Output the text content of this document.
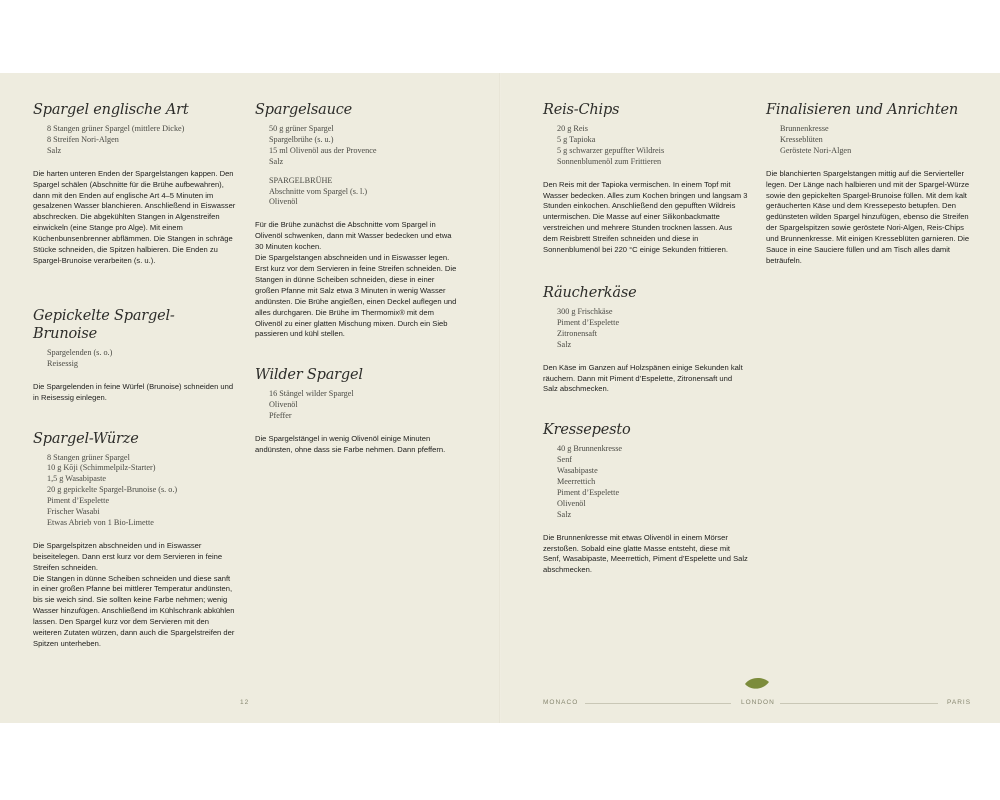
Spargel englische Art
8 Stangen grüner Spargel (mittlere Dicke)
8 Streifen Nori-Algen
Salz
Die harten unteren Enden der Spargelstangen kappen. Den Spargel schälen (Abschnitte für die Brühe aufbewahren), dann mit den Enden auf englische Art 4–5 Minuten im gesalzenen Wasser blanchieren. Anschließend in Eiswasser abschrecken. Die abgekühlten Stangen in Algenstreifen einwickeln (eine Stange pro Alge). Mit einem Küchenbunsenbrenner abflämmen. Die Stangen in schräge Stücke schneiden, die Spitzen halbieren. Die Enden zu Spargel-Brunoise verarbeiten (s. u.).
Gepickelte Spargel-Brunoise
Spargelenden (s. o.)
Reisessig
Die Spargelenden in feine Würfel (Brunoise) schneiden und in Reisessig einlegen.
Spargel-Würze
8 Stangen grüner Spargel
10 g Kōji (Schimmelpilz-Starter)
1,5 g Wasabipaste
20 g gepickelte Spargel-Brunoise (s. o.)
Piment d’Espelette
Frischer Wasabi
Etwas Abrieb von 1 Bio-Limette
Die Spargelspitzen abschneiden und in Eiswasser beiseitelegen. Dann erst kurz vor dem Servieren in feine Streifen schneiden.
Die Stangen in dünne Scheiben schneiden und diese sanft in einer großen Pfanne bei mittlerer Temperatur andünsten, bis sie weich sind. Sie sollten keine Farbe nehmen; wenig Wasser hinzufügen. Anschließend im Kühlschrank abkühlen lassen. Den Spargel kurz vor dem Servieren mit den weiteren Zutaten würzen, dann auch die Spargelstreifen der Spitzen unterheben.
Spargelsauce
50 g grüner Spargel
Spargelbrühe (s. u.)
15 ml Olivenöl aus der Provence
Salz
SPARGELBRÜHE
Abschnitte vom Spargel (s. l.)
Olivenöl
Für die Brühe zunächst die Abschnitte vom Spargel in Olivenöl schwenken, dann mit Wasser bedecken und etwa 30 Minuten kochen.
Die Spargelstangen abschneiden und in Eiswasser legen. Erst kurz vor dem Servieren in feine Streifen schneiden. Die Stangen in dünne Scheiben schneiden, diese in einer großen Pfanne mit Salz etwa 3 Minuten in wenig Wasser andünsten. Die Brühe angießen, einen Deckel auflegen und alles durchgaren. Die Brühe im Thermomix® mit dem Olivenöl zu einer glatten Mischung mixen. Durch ein Sieb passieren und kühl stellen.
Wilder Spargel
16 Stängel wilder Spargel
Olivenöl
Pfeffer
Die Spargelstängel in wenig Olivenöl einige Minuten andünsten, ohne dass sie Farbe nehmen. Dann pfeffern.
Reis-Chips
20 g Reis
5 g Tapioka
5 g schwarzer gepuffter Wildreis
Sonnenblumenöl zum Frittieren
Den Reis mit der Tapioka vermischen. In einem Topf mit Wasser bedecken. Alles zum Kochen bringen und langsam 3 Stunden einkochen. Anschließend den gepufften Wildreis untermischen. Die Masse auf einer Silikonbackmatte verstreichen und mehrere Stunden trocknen lassen. Aus dem Reisbrett Streifen schneiden und diese in Sonnenblumenöl bei 220 °C einige Sekunden frittieren.
Räucherkäse
300 g Frischkäse
Piment d’Espelette
Zitronensaft
Salz
Den Käse im Ganzen auf Holzspänen einige Sekunden kalt räuchern. Dann mit Piment d’Espelette, Zitronensaft und Salz abschmecken.
Kressepesto
40 g Brunnenkresse
Senf
Wasabipaste
Meerrettich
Piment d’Espelette
Olivenöl
Salz
Die Brunnenkresse mit etwas Olivenöl in einem Mörser zerstoßen. Sobald eine glatte Masse entsteht, diese mit Senf, Wasabipaste, Meerrettich, Piment d’Espelette und Salz abschmecken.
Finalisieren und Anrichten
Brunnenkresse
Kresseblüten
Geröstete Nori-Algen
Die blanchierten Spargelstangen mittig auf die Servierteller legen. Der Länge nach halbieren und mit der Spargel-Würze sowie den gepickelten Spargel-Brunoise füllen. Mit dem kalt geräucherten Käse und dem Kressepesto betupfen. Den gedünsteten wilden Spargel hinzufügen, ebenso die Streifen der Spargelspitzen sowie geröstete Nori-Algen, Reis-Chips und Brunnenkresse. Mit einigen Kresseblüten garnieren. Die Sauce in eine Sauciere füllen und am Tisch alles damit beträufeln.
12	MONACO	LONDON	PARIS
